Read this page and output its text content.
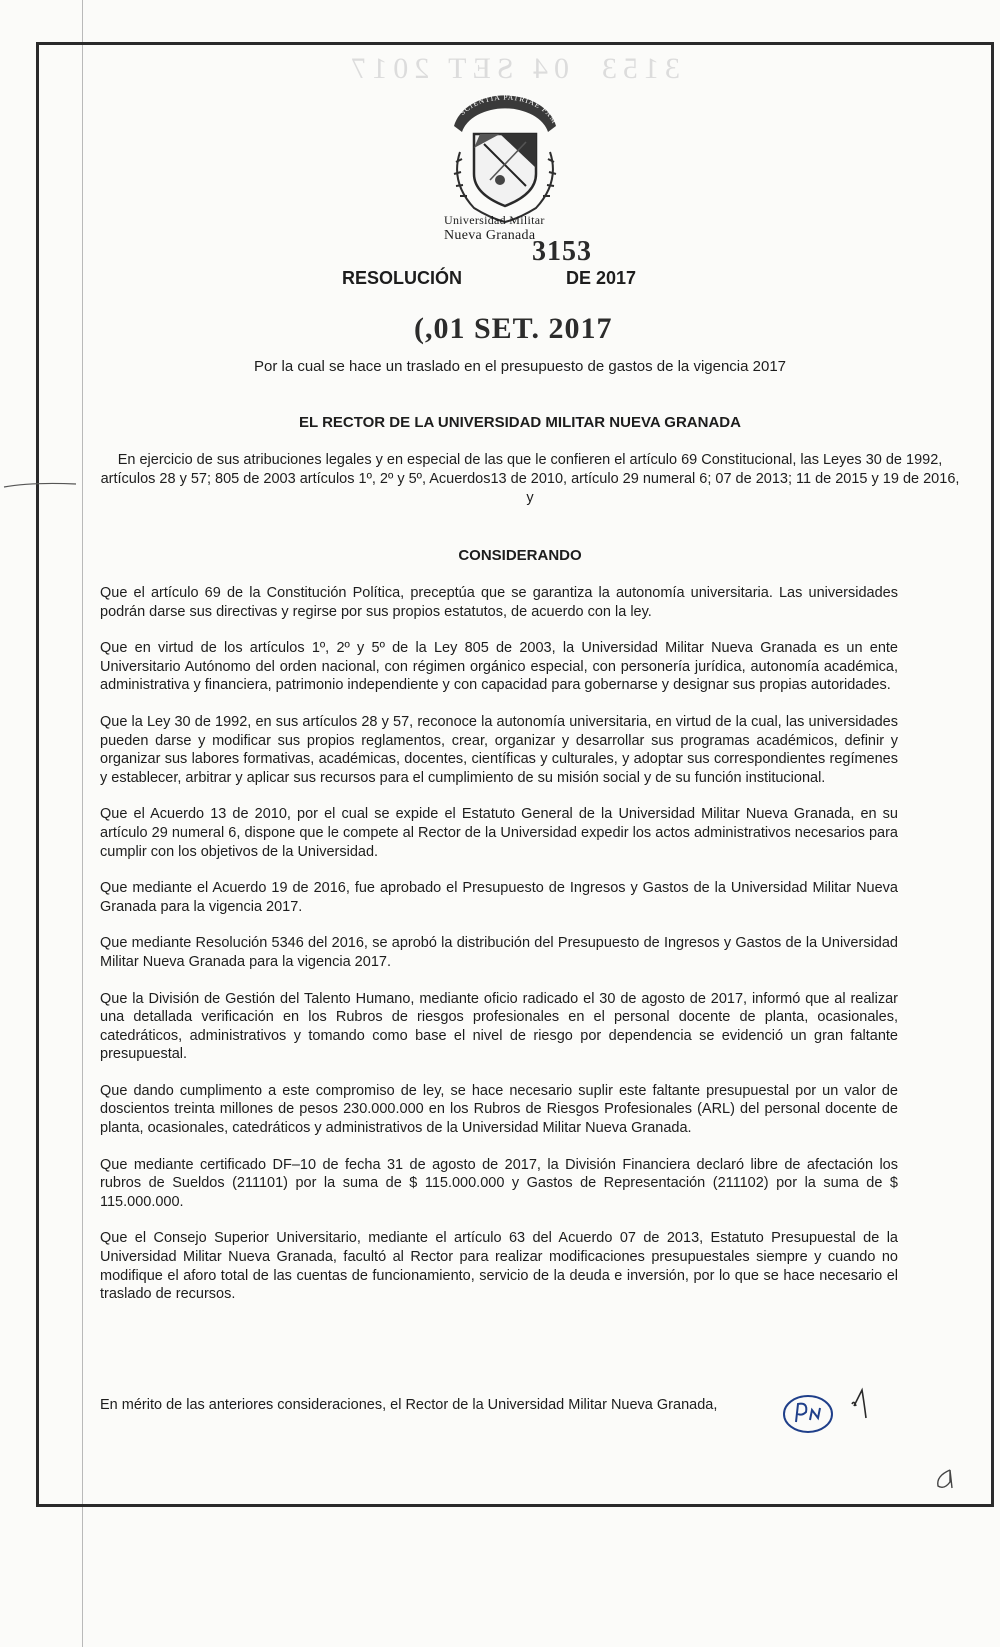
3153  04 SET 2017
SCIENTIA PATRIAE FAM
Universidad Militar
Nueva Granada
3153
RESOLUCIÓN	DE 2017
(,01 SET. 2017
Por la cual se hace un traslado en el presupuesto de gastos de la vigencia 2017
EL RECTOR DE LA UNIVERSIDAD MILITAR NUEVA GRANADA
En ejercicio de sus atribuciones legales y en especial de las que le confieren el artículo 69 Constitucional, las Leyes 30 de 1992, artículos 28 y 57; 805 de 2003 artículos 1º, 2º y 5º, Acuerdos13 de 2010, artículo 29 numeral 6; 07 de 2013; 11 de 2015 y 19 de 2016, y
CONSIDERANDO

Que el artículo 69 de la Constitución Política, preceptúa que se garantiza la autonomía universitaria. Las universidades podrán darse sus directivas y regirse por sus propios estatutos, de acuerdo con la ley.

Que en virtud de los artículos 1º, 2º y 5º de la Ley 805 de 2003, la Universidad Militar Nueva Granada es un ente Universitario Autónomo del orden nacional, con régimen orgánico especial, con personería jurídica, autonomía académica, administrativa y financiera, patrimonio independiente y con capacidad para gobernarse y designar sus propias autoridades.

Que la Ley 30 de 1992, en sus artículos 28 y 57, reconoce la autonomía universitaria, en virtud de la cual, las universidades pueden darse y modificar sus propios reglamentos, crear, organizar y desarrollar sus programas académicos, definir y organizar sus labores formativas, académicas, docentes, científicas y culturales, y adoptar sus correspondientes regímenes y establecer, arbitrar y aplicar sus recursos para el cumplimiento de su misión social y de su función institucional.

Que el Acuerdo 13 de 2010, por el cual se expide el Estatuto General de la Universidad Militar Nueva Granada, en su artículo 29 numeral 6, dispone que le compete al Rector de la Universidad expedir los actos administrativos necesarios para cumplir con los objetivos de la Universidad.

Que mediante el Acuerdo 19 de 2016, fue aprobado el Presupuesto de Ingresos y Gastos de la Universidad Militar Nueva Granada para la vigencia 2017.

Que mediante Resolución 5346 del 2016, se aprobó la distribución del Presupuesto de Ingresos y Gastos de la Universidad Militar Nueva Granada para la vigencia 2017.

Que la División de Gestión del Talento Humano, mediante oficio radicado el 30 de agosto de 2017, informó que al realizar una detallada verificación en los Rubros de riesgos profesionales en el personal docente de planta, ocasionales, catedráticos, administrativos y tomando como base el nivel de riesgo por dependencia se evidenció un gran faltante presupuestal.

Que dando cumplimento a este compromiso de ley, se hace necesario suplir este faltante presupuestal por un valor de doscientos treinta millones de pesos 230.000.000 en los Rubros de Riesgos Profesionales (ARL) del personal docente de planta, ocasionales, catedráticos y administrativos de la Universidad Militar Nueva Granada.

Que mediante certificado DF–10 de fecha 31 de agosto de 2017, la División Financiera declaró libre de afectación los rubros de Sueldos (211101) por la suma de $ 115.000.000 y Gastos de Representación (211102) por la suma de $ 115.000.000.

Que el Consejo Superior Universitario, mediante el artículo 63 del Acuerdo 07 de 2013, Estatuto Presupuestal de la Universidad Militar Nueva Granada, facultó al Rector para realizar modificaciones presupuestales siempre y cuando no modifique el aforo total de las cuentas de funcionamiento, servicio de la deuda e inversión, por lo que se hace necesario el traslado de recursos.

En mérito de las anteriores consideraciones, el Rector de la Universidad Militar Nueva Granada,
